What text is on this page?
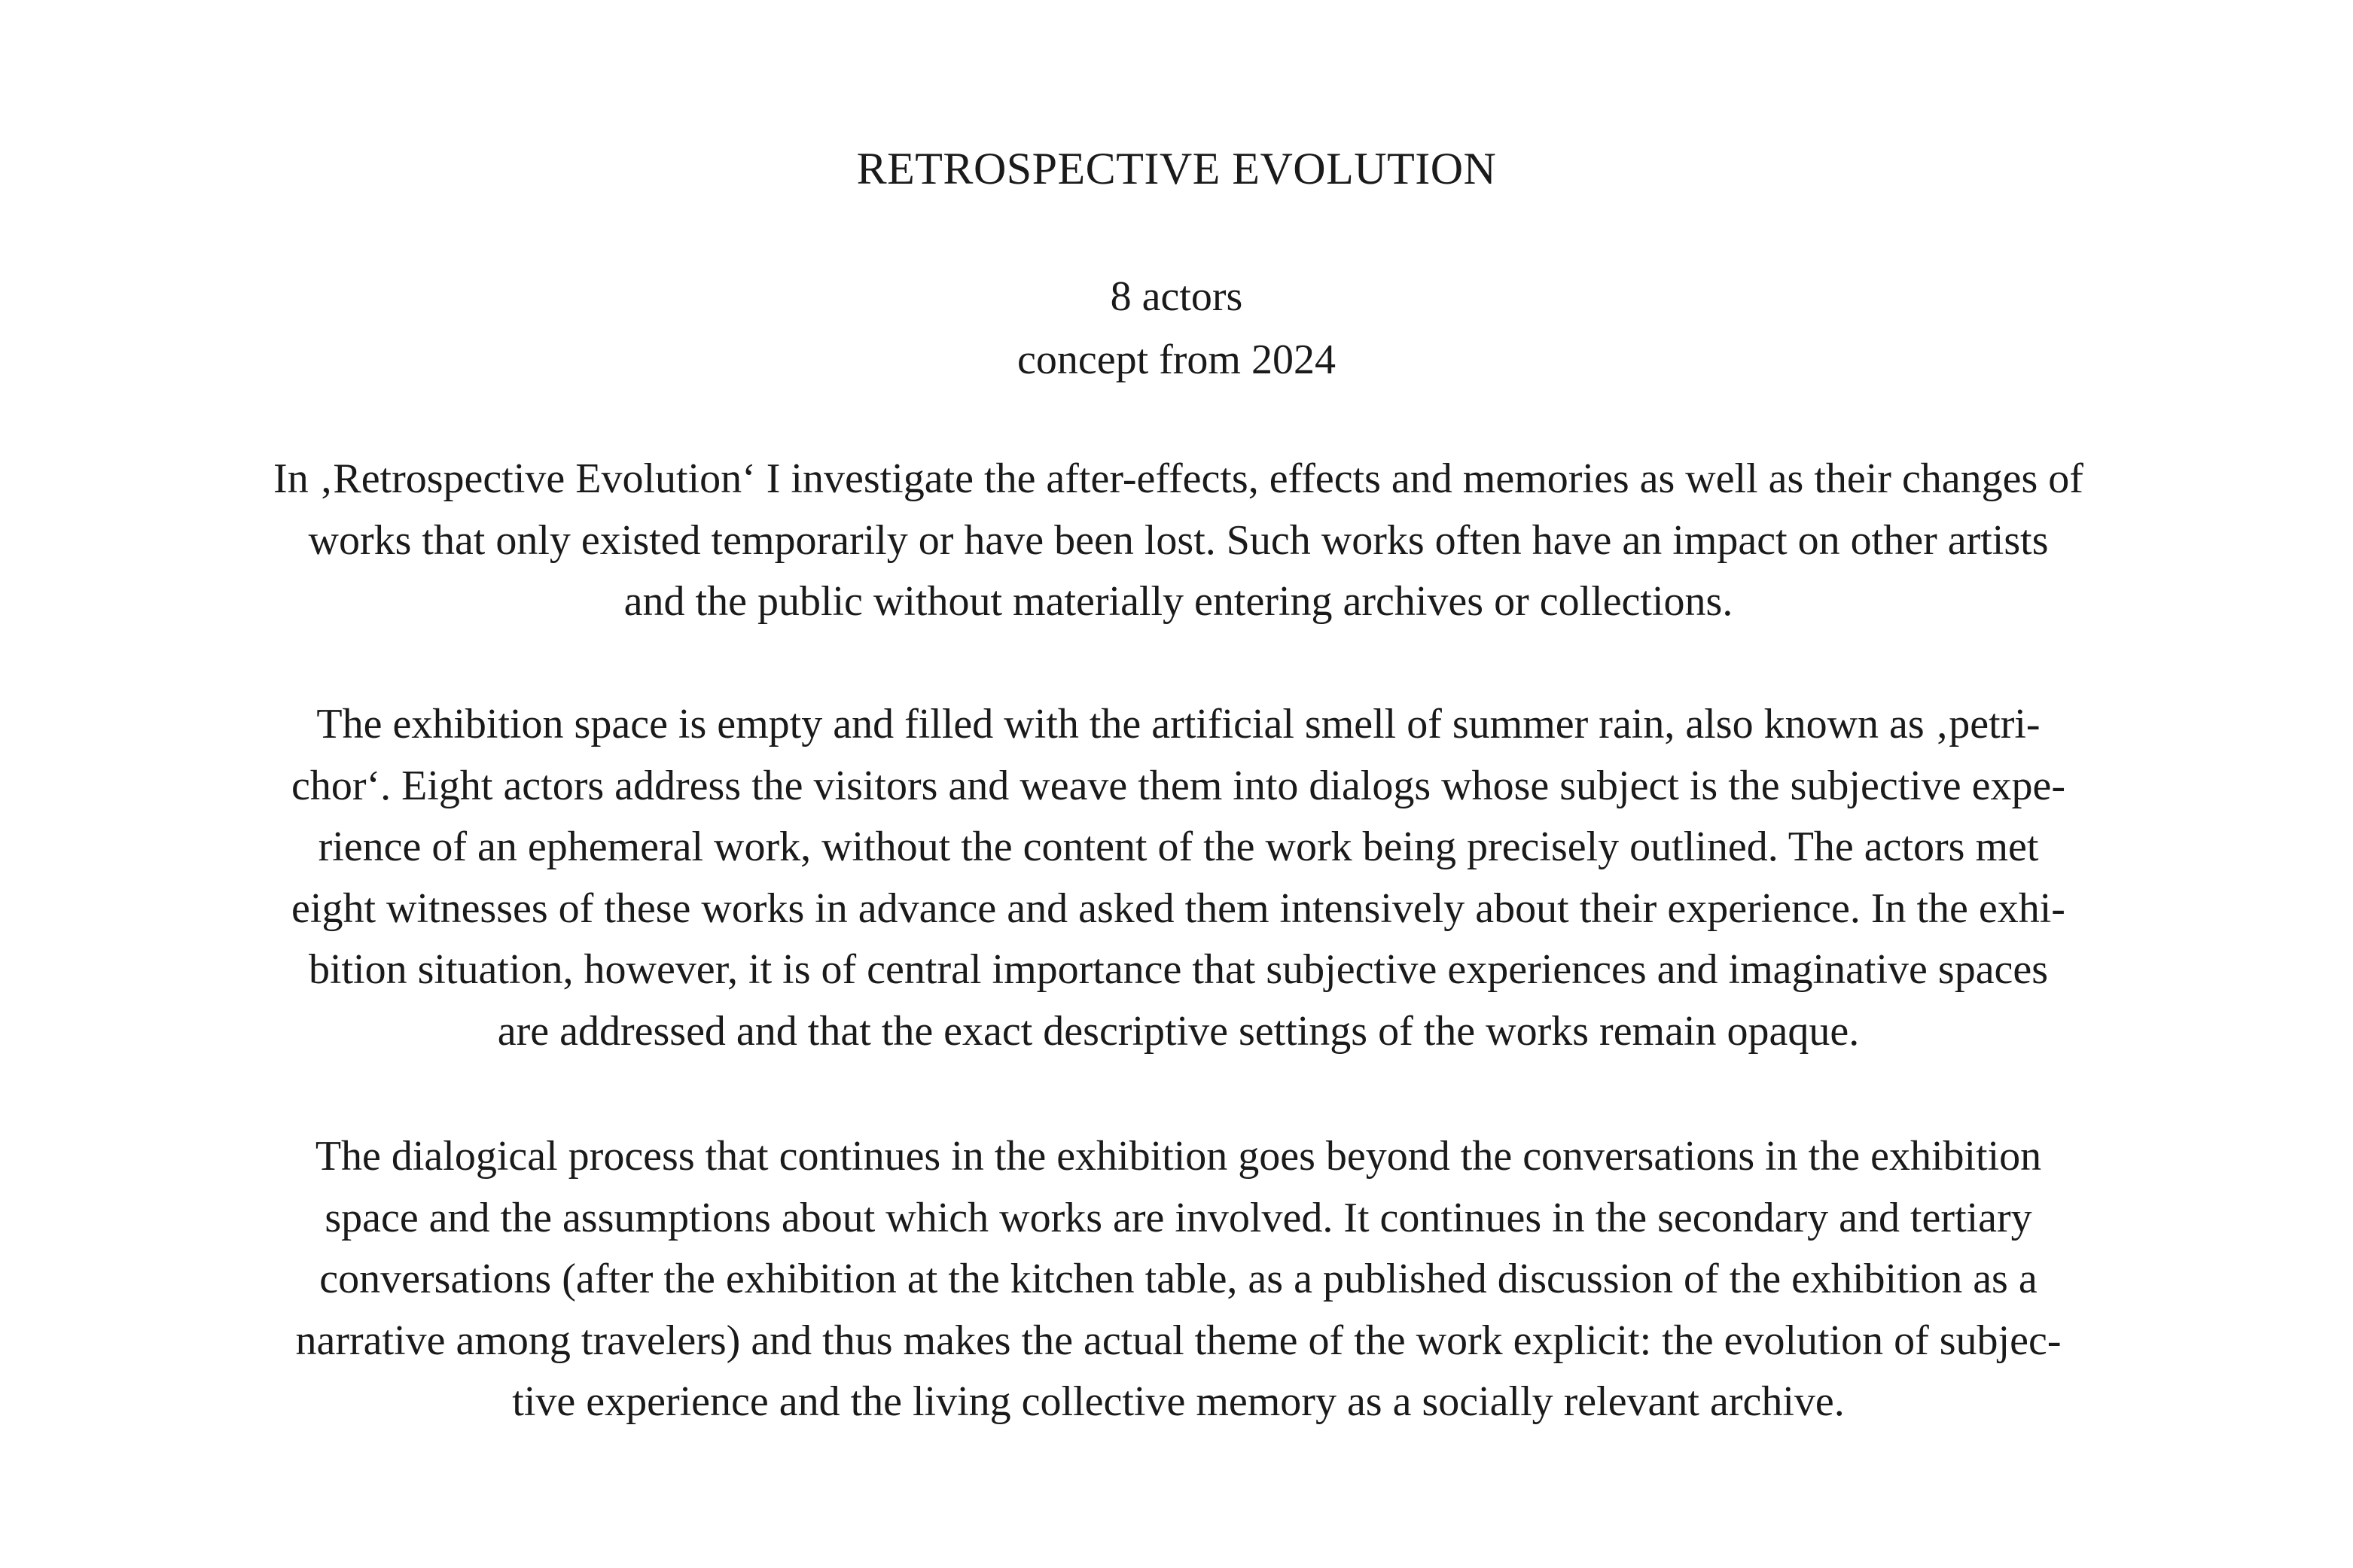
RETROSPECTIVE EVOLUTION
8 actors
concept from 2024

In ‚Retrospective Evolution‘ I investigate the after-effects, effects and memories as well as their changes of
works that only existed temporarily or have been lost. Such works often have an impact on other artists
and the public without materially entering archives or collections.

The exhibition space is empty and filled with the artificial smell of summer rain, also known as ‚petri-
chor‘. Eight actors address the visitors and weave them into dialogs whose subject is the subjective expe-
rience of an ephemeral work, without the content of the work being precisely outlined. The actors met
eight witnesses of these works in advance and asked them intensively about their experience. In the exhi-
bition situation, however, it is of central importance that subjective experiences and imaginative spaces
are addressed and that the exact descriptive settings of the works remain opaque.

The dialogical process that continues in the exhibition goes beyond the conversations in the exhibition
space and the assumptions about which works are involved. It continues in the secondary and tertiary
conversations (after the exhibition at the kitchen table, as a published discussion of the exhibition as a
narrative among travelers) and thus makes the actual theme of the work explicit: the evolution of subjec-
tive experience and the living collective memory as a socially relevant archive.
